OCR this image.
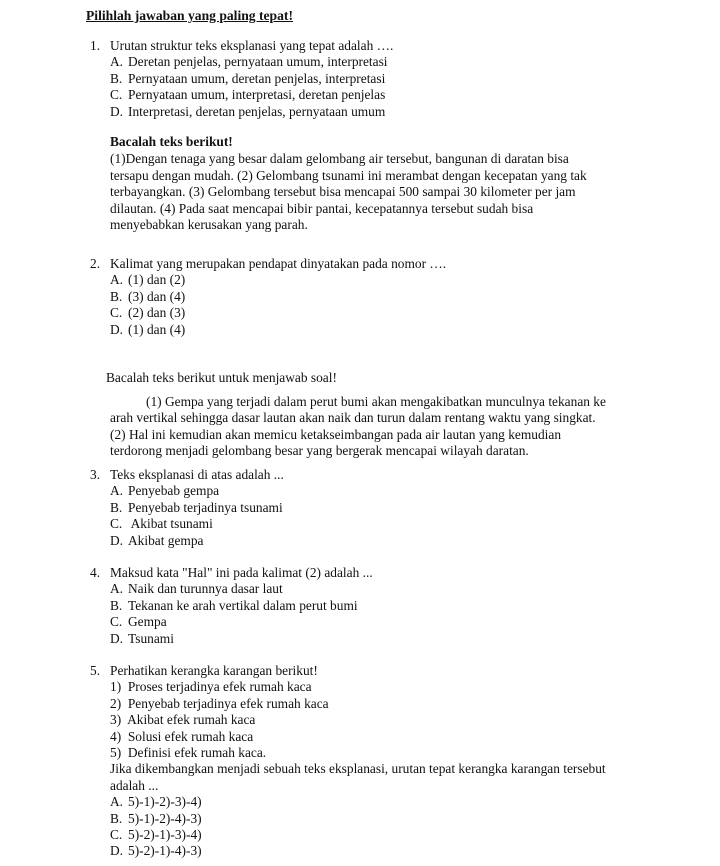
Pilihlah jawaban yang paling tepat!
1. Urutan struktur teks eksplanasi yang tepat adalah ….
A. Deretan penjelas, pernyataan umum, interpretasi
B. Pernyataan umum, deretan penjelas, interpretasi
C. Pernyataan umum, interpretasi, deretan penjelas
D. Interpretasi, deretan penjelas, pernyataan umum
Bacalah teks berikut!
(1)Dengan tenaga yang besar dalam gelombang air tersebut, bangunan di daratan bisa
tersapu dengan mudah. (2) Gelombang tsunami ini merambat dengan kecepatan yang tak
terbayangkan. (3) Gelombang tersebut bisa mencapai 500 sampai 30 kilometer per jam
dilautan. (4) Pada saat mencapai bibir pantai, kecepatannya tersebut sudah bisa
menyebabkan kerusakan yang parah.
2. Kalimat yang merupakan pendapat dinyatakan pada nomor ….
A. (1) dan (2)
B. (3) dan (4)
C. (2) dan (3)
D. (1) dan (4)
Bacalah teks berikut untuk menjawab soal!
(1) Gempa yang terjadi dalam perut bumi akan mengakibatkan munculnya tekanan ke
arah vertikal sehingga dasar lautan akan naik dan turun dalam rentang waktu yang singkat.
(2) Hal ini kemudian akan memicu ketakseimbangan pada air lautan yang kemudian
terdorong menjadi gelombang besar yang bergerak mencapai wilayah daratan.
3. Teks eksplanasi di atas adalah ...
A. Penyebab gempa
B. Penyebab terjadinya tsunami
C. Akibat tsunami
D. Akibat gempa
4. Maksud kata "Hal" ini pada kalimat (2) adalah ...
A. Naik dan turunnya dasar laut
B. Tekanan ke arah vertikal dalam perut bumi
C. Gempa
D. Tsunami
5. Perhatikan kerangka karangan berikut!
1)  Proses terjadinya efek rumah kaca
2)  Penyebab terjadinya efek rumah kaca
3)  Akibat efek rumah kaca
4)  Solusi efek rumah kaca
5)  Definisi efek rumah kaca.
Jika dikembangkan menjadi sebuah teks eksplanasi, urutan tepat kerangka karangan tersebut
adalah ...
A. 5)-1)-2)-3)-4)
B. 5)-1)-2)-4)-3)
C. 5)-2)-1)-3)-4)
D. 5)-2)-1)-4)-3)
